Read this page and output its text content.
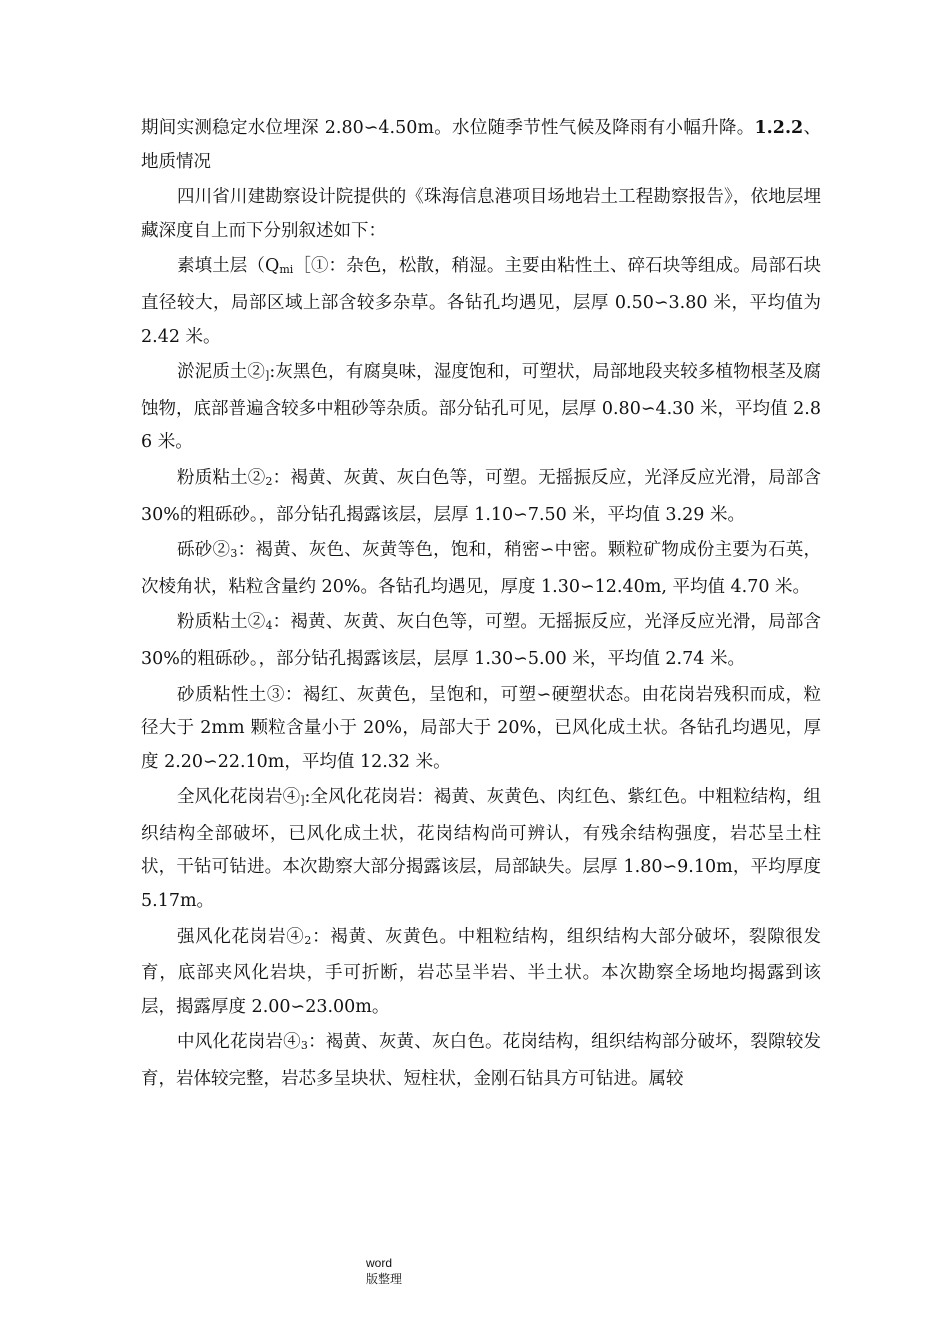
期间实测稳定水位埋深 2.80∽4.50m。水位随季节性气候及降雨有小幅升降。1.2.2、地质情况

四川省川建勘察设计院提供的《珠海信息港项目场地岩土工程勘察报告》，依地层埋藏深度自上而下分别叙述如下：

素填土层（Qmi［①：杂色，松散，稍湿。主要由粘性土、碎石块等组成。局部石块直径较大，局部区域上部含较多杂草。各钻孔均遇见，层厚 0.50∽3.80 米，平均值为 2.42 米。

淤泥质土②]:灰黑色，有腐臭味，湿度饱和，可塑状，局部地段夹较多植物根茎及腐蚀物，底部普遍含较多中粗砂等杂质。部分钻孔可见，层厚 0.80∽4.30 米，平均值 2.86 米。

粉质粘土②2：褐黄、灰黄、灰白色等，可塑。无摇振反应，光泽反应光滑，局部含 30%的粗砾砂。，部分钻孔揭露该层，层厚 1.10∽7.50 米，平均值 3.29 米。

砾砂②3：褐黄、灰色、灰黄等色，饱和，稍密∽中密。颗粒矿物成份主要为石英，次棱角状，粘粒含量约 20%。各钻孔均遇见，厚度 1.30∽12.40m, 平均值 4.70 米。

粉质粘土②4：褐黄、灰黄、灰白色等，可塑。无摇振反应，光泽反应光滑，局部含 30%的粗砾砂。，部分钻孔揭露该层，层厚 1.30∽5.00 米，平均值 2.74 米。

砂质粘性土③：褐红、灰黄色，呈饱和，可塑∽硬塑状态。由花岗岩残积而成，粒径大于 2mm 颗粒含量小于 20%，局部大于 20%，已风化成土状。各钻孔均遇见，厚度 2.20∽22.10m，平均值 12.32 米。

全风化花岗岩④]:全风化花岗岩：褐黄、灰黄色、肉红色、紫红色。中粗粒结构，组织结构全部破坏，已风化成土状，花岗结构尚可辨认，有残余结构强度，岩芯呈土柱状，干钻可钻进。本次勘察大部分揭露该层，局部缺失。层厚 1.80∽9.10m，平均厚度 5.17m。

强风化花岗岩④2：褐黄、灰黄色。中粗粒结构，组织结构大部分破坏，裂隙很发育，底部夹风化岩块，手可折断，岩芯呈半岩、半土状。本次勘察全场地均揭露到该层，揭露厚度 2.00∽23.00m。

中风化花岗岩④3：褐黄、灰黄、灰白色。花岗结构，组织结构部分破坏，裂隙较发育，岩体较完整，岩芯多呈块状、短柱状，金刚石钻具方可钻进。属较

word
版整理
